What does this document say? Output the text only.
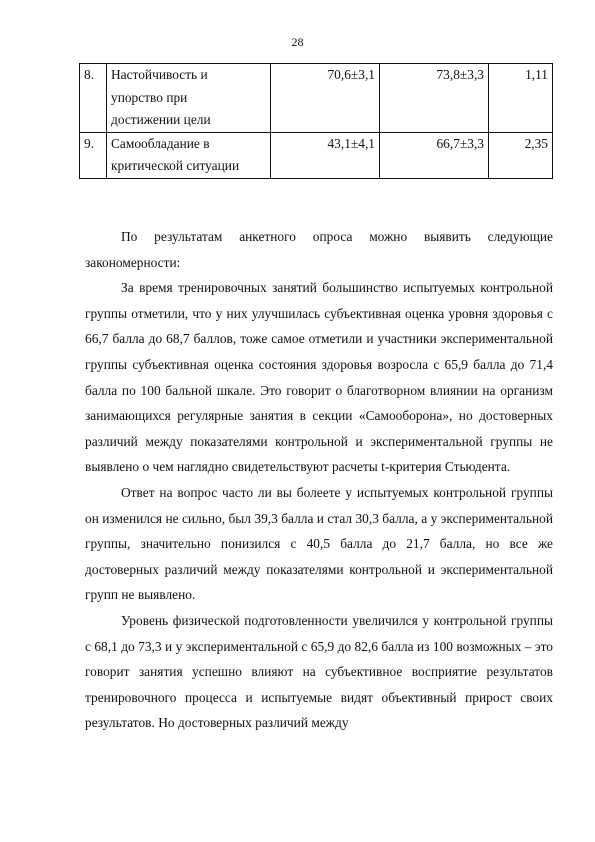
28
8.	Настойчивость и
упорство при
достижении цели	70,6±3,1	73,8±3,3	1,11
9.	Самообладание в
критической ситуации	43,1±4,1	66,7±3,3	2,35

По результатам анкетного опроса можно выявить следующие закономерности:

За время тренировочных занятий большинство испытуемых контрольной группы отметили, что у них улучшилась субъективная оценка уровня здоровья с 66,7 балла до 68,7 баллов, тоже самое отметили и участники экспериментальной группы субъективная оценка состояния здоровья возросла с 65,9 балла до 71,4 балла по 100 бальной шкале. Это говорит о благотворном влиянии на организм занимающихся регулярные занятия в секции «Самооборона», но достоверных различий между показателями контрольной и экспериментальной группы не выявлено о чем наглядно свидетельствуют расчеты t-критерия Стьюдента.

Ответ на вопрос часто ли вы болеете у испытуемых контрольной группы он изменился не сильно, был 39,3 балла и стал 30,3 балла, а у экспериментальной группы, значительно понизился с 40,5 балла до 21,7 балла, но все же достоверных различий между показателями контрольной и экспериментальной групп не выявлено.

Уровень физической подготовленности увеличился у контрольной группы с 68,1 до 73,3 и у экспериментальной с 65,9 до 82,6 балла из 100 возможных – это говорит занятия успешно влияют на субъективное восприятие результатов тренировочного процесса и испытуемые видят объективный прирост своих результатов. Но достоверных различий между
